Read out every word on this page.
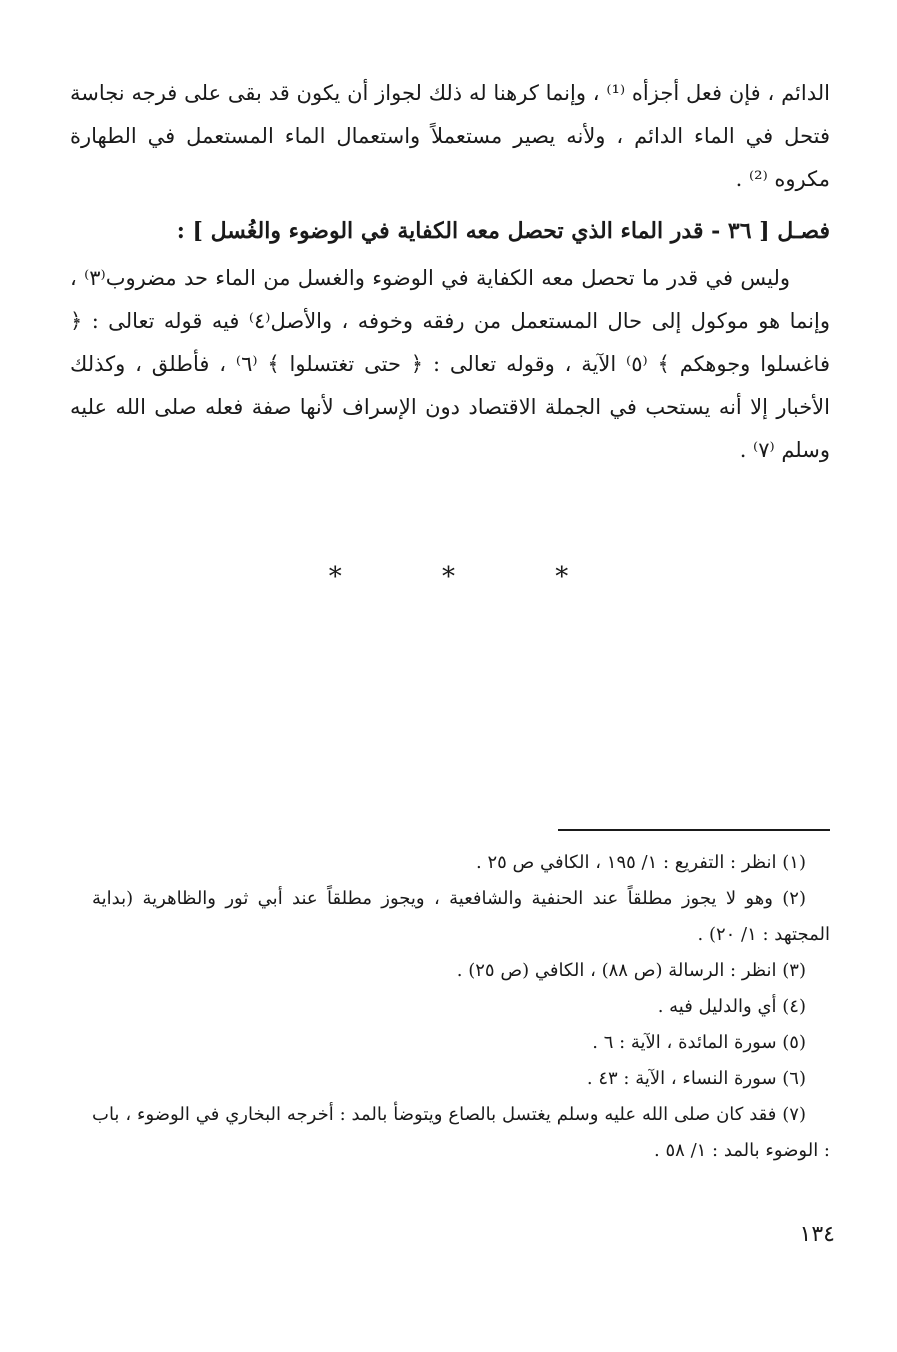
الدائم ، فإن فعل أجزأه ⁽¹⁾ ، وإنما كرهنا له ذلك لجواز أن يكون قد بقى على فرجه نجاسة فتحل في الماء الدائم ، ولأنه يصير مستعملاً واستعمال الماء المستعمل في الطهارة مكروه ⁽²⁾ .

فصـل [ ٣٦ - قدر الماء الذي تحصل معه الكفاية في الوضوء والغُسل ] :

وليس في قدر ما تحصل معه الكفاية في الوضوء والغسل من الماء حد مضروب⁽٣⁾ ، وإنما هو موكول إلى حال المستعمل من رفقه وخوفه ، والأصل⁽٤⁾ فيه قوله تعالى : ﴿ فاغسلوا وجوهكم ﴾ ⁽٥⁾ الآية ، وقوله تعالى : ﴿ حتى تغتسلوا ﴾ ⁽٦⁾ ، فأطلق ، وكذلك الأخبار إلا أنه يستحب في الجملة الاقتصاد دون الإسراف لأنها صفة فعله صلى الله عليه وسلم ⁽٧⁾ .

* * *

(١) انظر : التفريع : ١/ ١٩٥ ، الكافي ص ٢٥ .

(٢) وهو لا يجوز مطلقاً عند الحنفية والشافعية ، ويجوز مطلقاً عند أبي ثور والظاهرية (بداية المجتهد : ١/ ٢٠) .

(٣) انظر : الرسالة (ص ٨٨) ، الكافي (ص ٢٥) .

(٤) أي والدليل فيه .

(٥) سورة المائدة ، الآية : ٦ .

(٦) سورة النساء ، الآية : ٤٣ .

(٧) فقد كان صلى الله عليه وسلم يغتسل بالصاع ويتوضأ بالمد : أخرجه البخاري في الوضوء ، باب : الوضوء بالمد : ١/ ٥٨ .

١٣٤
